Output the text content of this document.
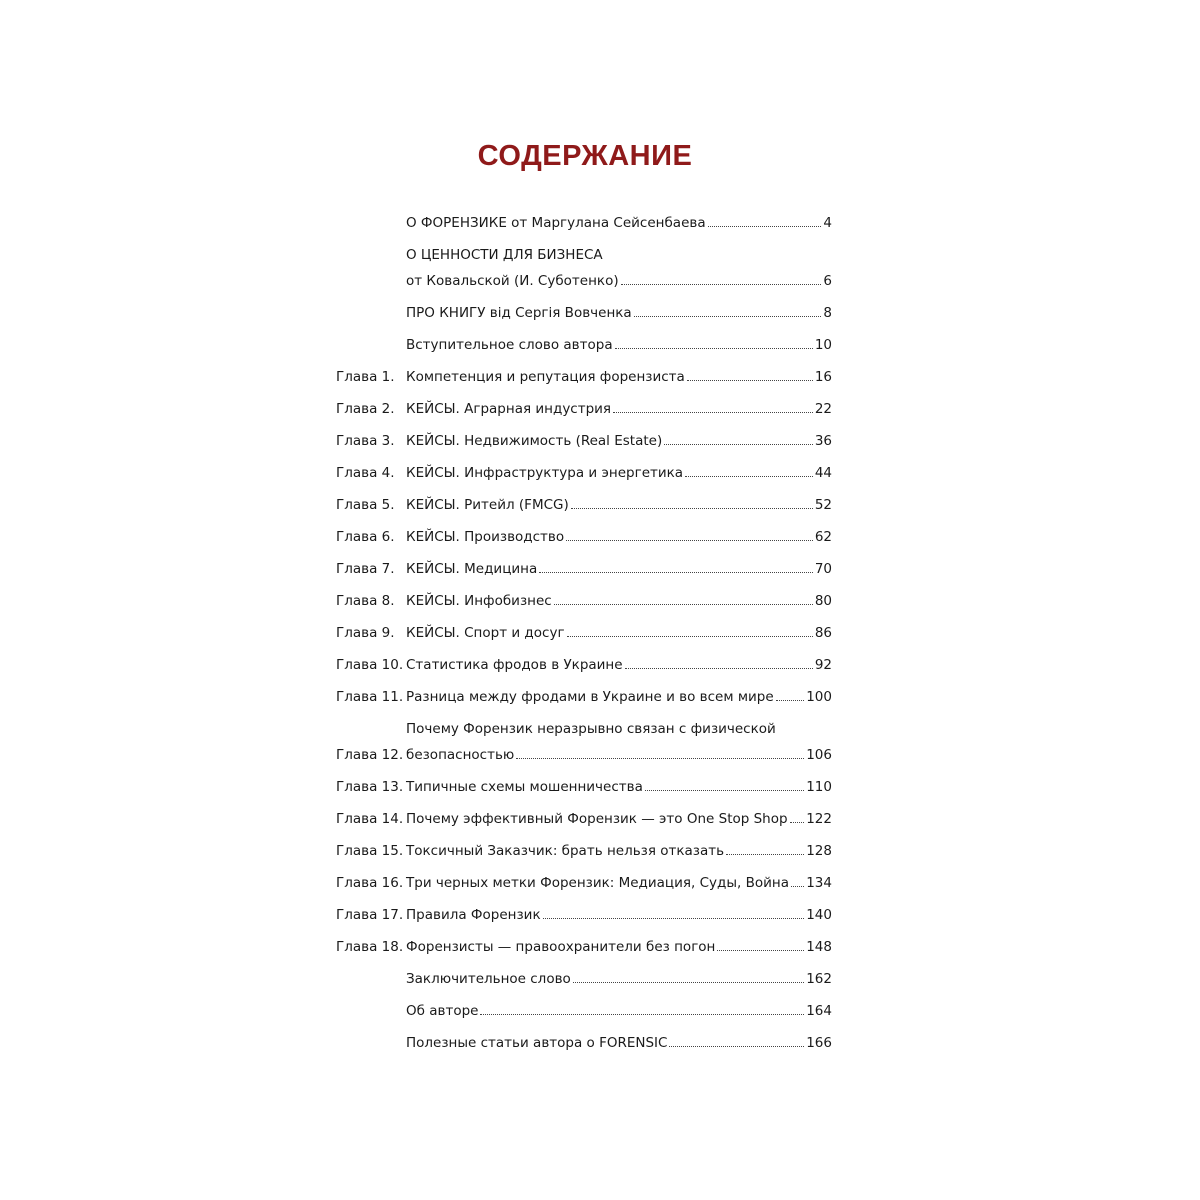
СОДЕРЖАНИЕ
О ФОРЕНЗИКЕ от Маргулана Сейсенбаева	4
О ЦЕННОСТИ ДЛЯ БИЗНЕСА
от Ковальской (И. Суботенко)	6
ПРО КНИГУ від Сергія Вовченка	8
Вступительное слово автора	10
Глава 1. Компетенция и репутация форензиста	16
Глава 2. КЕЙСЫ. Аграрная индустрия	22
Глава 3. КЕЙСЫ. Недвижимость (Real Estate)	36
Глава 4. КЕЙСЫ. Инфраструктура и энергетика	44
Глава 5. КЕЙСЫ. Ритейл (FMCG)	52
Глава 6. КЕЙСЫ. Производство	62
Глава 7. КЕЙСЫ. Медицина	70
Глава 8. КЕЙСЫ. Инфобизнес	80
Глава 9. КЕЙСЫ. Спорт и досуг	86
Глава 10. Статистика фродов в Украине	92
Глава 11. Разница между фродами в Украине и во всем мире 100
Глава 12.
Почему Форензик неразрывно связан с физической
безопасностью	106
Глава 13. Типичные схемы мошенничества	110
Глава 14. Почему эффективный Форензик — это One Stop Shop 122
Глава 15. Токсичный Заказчик: брать нельзя отказать	128
Глава 16. Три черных метки Форензик: Медиация, Суды, Война 134
Глава 17. Правила Форензик	140
Глава 18. Форензисты — правоохранители без погон	148
Заключительное слово	162
Об авторе	164
Полезные статьи автора о FORENSIC	166
